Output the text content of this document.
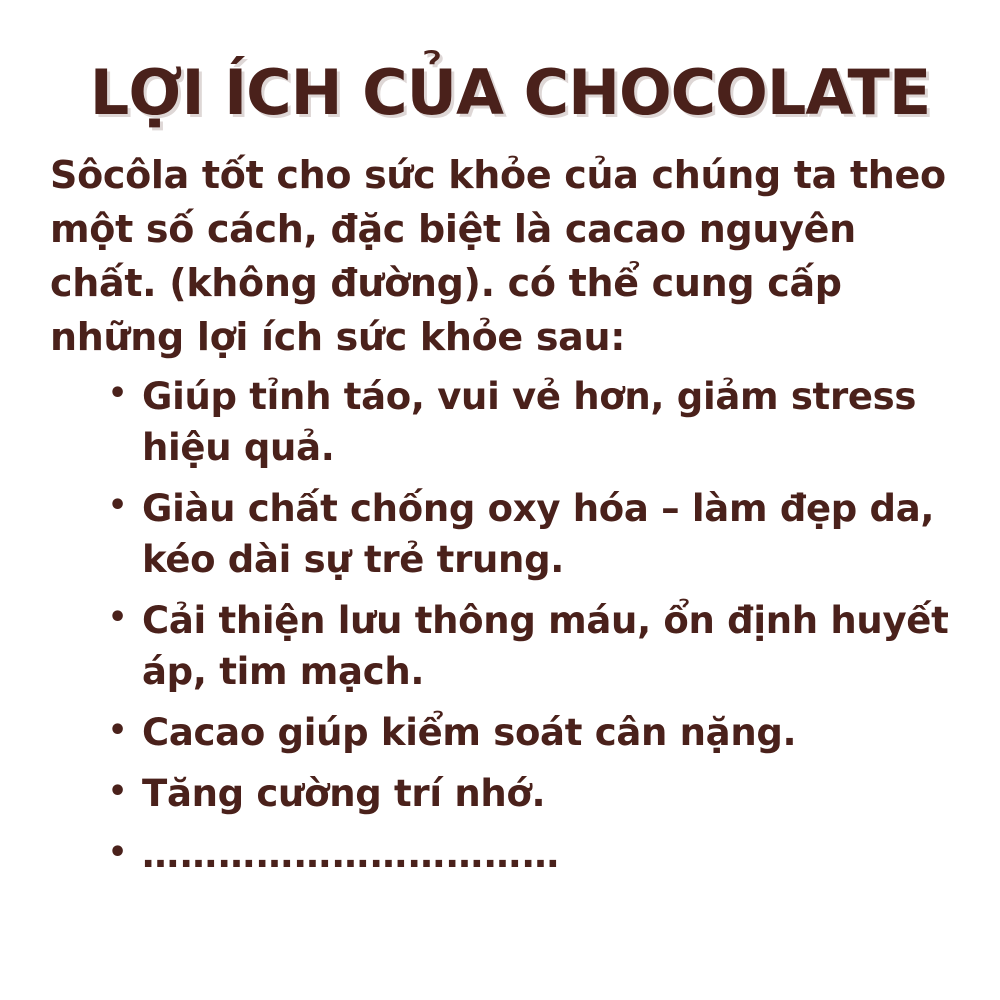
LỢI ÍCH CỦA CHOCOLATE

Sôcôla tốt cho sức khỏe của chúng ta theo một số cách, đặc biệt là cacao nguyên chất. (không đường). có thể cung cấp những lợi ích sức khỏe sau:

• Giúp tỉnh táo, vui vẻ hơn, giảm stress hiệu quả.
• Giàu chất chống oxy hóa – làm đẹp da, kéo dài sự trẻ trung.
• Cải thiện lưu thông máu, ổn định huyết áp, tim mạch.
• Cacao giúp kiểm soát cân nặng.
• Tăng cường trí nhớ.
• ……………………………
